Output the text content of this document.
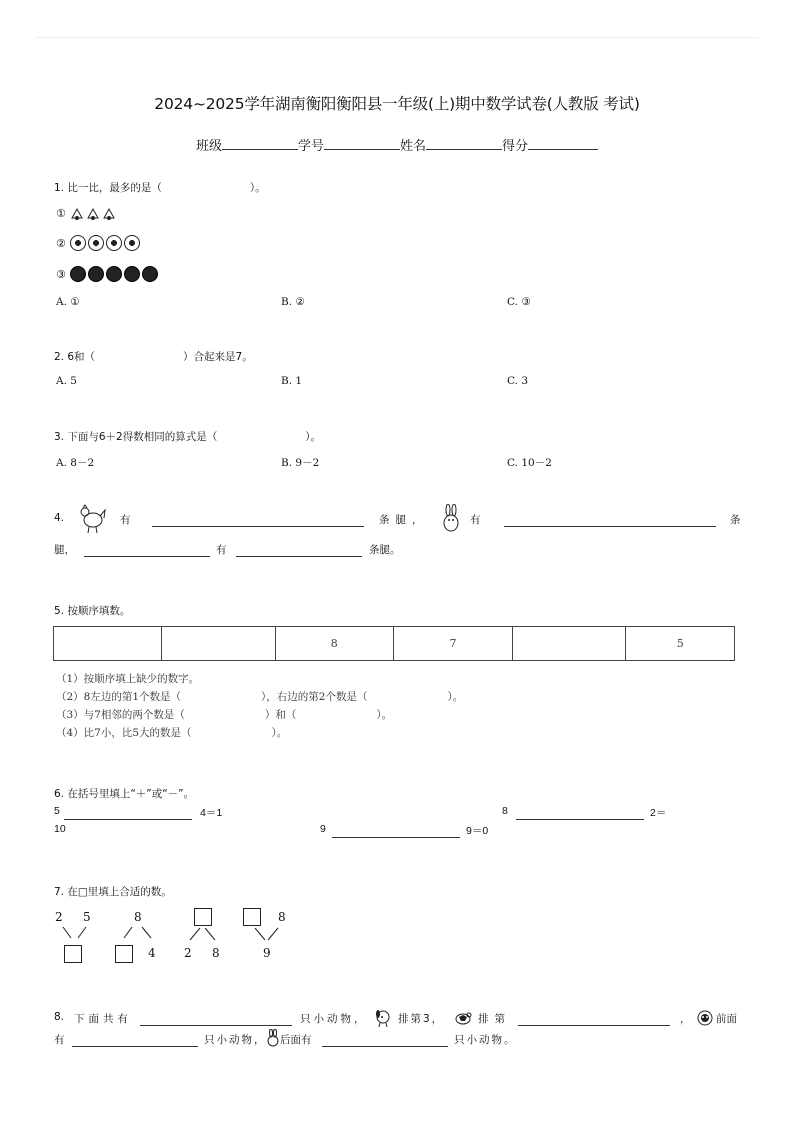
2024~2025学年湖南衡阳衡阳县一年级(上)期中数学试卷(人教版 考试)
班级	学号	姓名	得分
1. 比一比，最多的是（	）。
①
②
③
A. ①	B. ②	C. ③
2. 6和（	）合起来是7。
A. 5	B. 1	C. 3
3. 下面与6＋2得数相同的算式是（	）。
A. 8－2	B. 9－2	C. 10－2
4.	有	条腿，	有	条
腿，	有	条腿。
5. 按顺序填数。
		8	7		5
（1）按顺序填上缺少的数字。
（2）8左边的第1个数是（	），右边的第2个数是（	）。
（3）与7相邻的两个数是（	）和（	）。
（4）比7小，比5大的数是（	）。
6. 在括号里填上“＋”或“－”。
5	4＝1	8	2＝
10	9	9＝0
7. 在□里填上合适的数。
2 5	8
4 2 8
8
9
8. 下面共有	只小动物，	排第3，	排第	， 前面
有	只小动物， 后面有	只小动物。
